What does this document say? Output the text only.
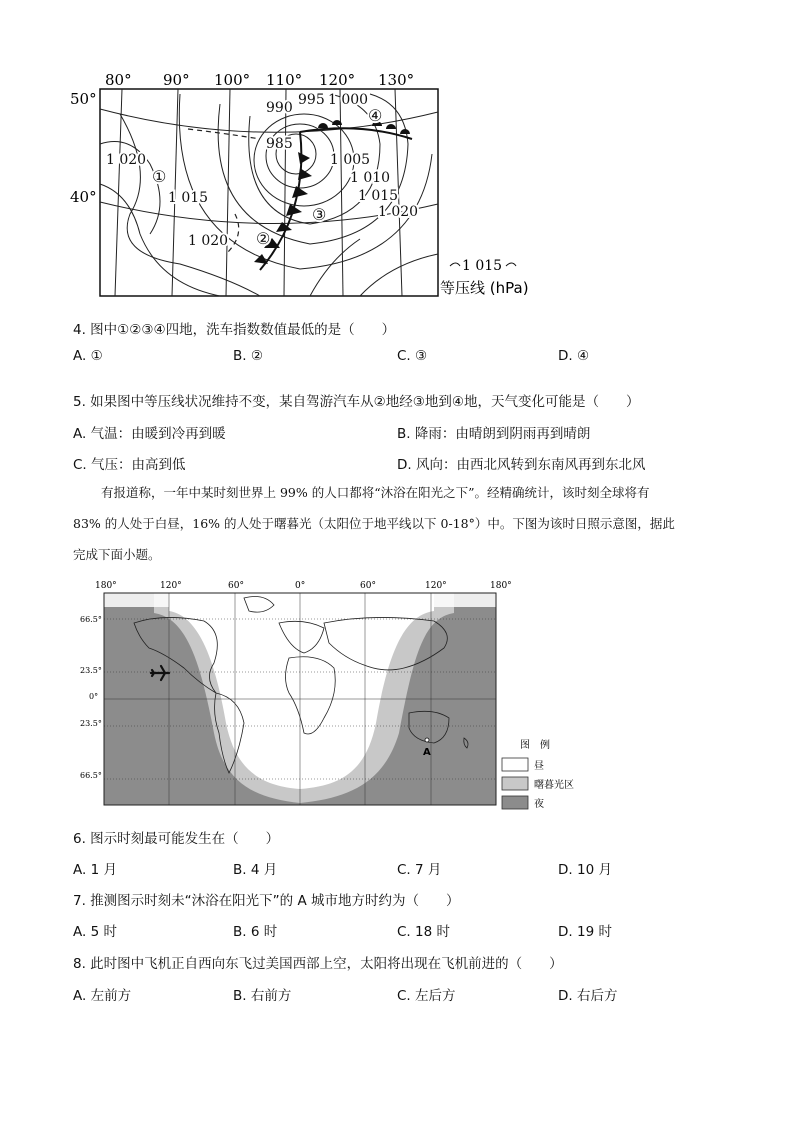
80° 90° 100° 110° 120° 130°
50°
40°
990 995 1 000
985
1 020
1 015
1 005
1 010
1 015
1 020
1 020
①
②
③
④
1 015
等压线 (hPa)
4. 图中①②③④四地，洗车指数数值最低的是（　　）
A. ①	B. ②	C. ③	D. ④
5. 如果图中等压线状况维持不变，某自驾游汽车从②地经③地到④地，天气变化可能是（　　）
A. 气温：由暖到冷再到暖	B. 降雨：由晴朗到阴雨再到晴朗
C. 气压：由高到低	D. 风向：由西北风转到东南风再到东北风
有报道称，一年中某时刻世界上 99% 的人口都将“沐浴在阳光之下”。经精确统计，该时刻全球将有
83% 的人处于白昼，16% 的人处于曙暮光（太阳位于地平线以下 0-18°）中。下图为该时日照示意图，据此
完成下面小题。
180°	120°	60°	0°	60°	120°	180°
66.5°
23.5°
0°
23.5°
66.5°
A
图　例
昼
曙暮光区
夜
6. 图示时刻最可能发生在（　　）
A. 1 月	B. 4 月	C. 7 月	D. 10 月
7. 推测图示时刻未“沐浴在阳光下”的 A 城市地方时约为（　　）
A. 5 时	B. 6 时	C. 18 时	D. 19 时
8. 此时图中飞机正自西向东飞过美国西部上空，太阳将出现在飞机前进的（　　）
A. 左前方	B. 右前方	C. 左后方	D. 右后方
